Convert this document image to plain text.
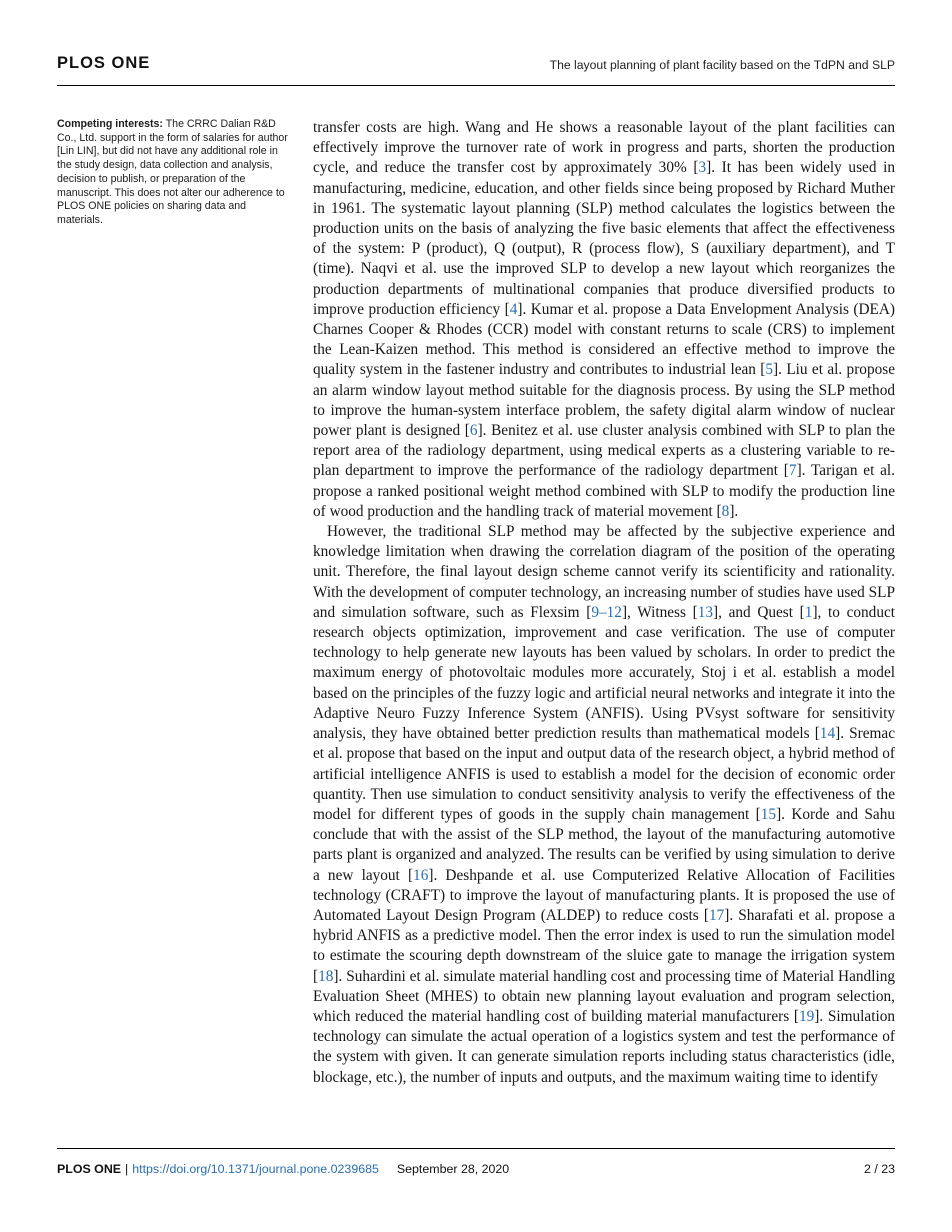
PLOS ONE	The layout planning of plant facility based on the TdPN and SLP

Competing interests: The CRRC Dalian R&D Co., Ltd. support in the form of salaries for author [Lin LIN], but did not have any additional role in the study design, data collection and analysis, decision to publish, or preparation of the manuscript. This does not alter our adherence to PLOS ONE policies on sharing data and materials.

transfer costs are high. Wang and He shows a reasonable layout of the plant facilities can effectively improve the turnover rate of work in progress and parts, shorten the production cycle, and reduce the transfer cost by approximately 30% [3]. It has been widely used in manufacturing, medicine, education, and other fields since being proposed by Richard Muther in 1961. The systematic layout planning (SLP) method calculates the logistics between the production units on the basis of analyzing the five basic elements that affect the effectiveness of the system: P (product), Q (output), R (process flow), S (auxiliary department), and T (time). Naqvi et al. use the improved SLP to develop a new layout which reorganizes the production departments of multinational companies that produce diversified products to improve production efficiency [4]. Kumar et al. propose a Data Envelopment Analysis (DEA) Charnes Cooper & Rhodes (CCR) model with constant returns to scale (CRS) to implement the Lean-Kaizen method. This method is considered an effective method to improve the quality system in the fastener industry and contributes to industrial lean [5]. Liu et al. propose an alarm window layout method suitable for the diagnosis process. By using the SLP method to improve the human-system interface problem, the safety digital alarm window of nuclear power plant is designed [6]. Benitez et al. use cluster analysis combined with SLP to plan the report area of the radiology department, using medical experts as a clustering variable to re-plan department to improve the performance of the radiology department [7]. Tarigan et al. propose a ranked positional weight method combined with SLP to modify the production line of wood production and the handling track of material movement [8].

However, the traditional SLP method may be affected by the subjective experience and knowledge limitation when drawing the correlation diagram of the position of the operating unit. Therefore, the final layout design scheme cannot verify its scientificity and rationality. With the development of computer technology, an increasing number of studies have used SLP and simulation software, such as Flexsim [9–12], Witness [13], and Quest [1], to conduct research objects optimization, improvement and case verification. The use of computer technology to help generate new layouts has been valued by scholars. In order to predict the maximum energy of photovoltaic modules more accurately, Stoj i et al. establish a model based on the principles of the fuzzy logic and artificial neural networks and integrate it into the Adaptive Neuro Fuzzy Inference System (ANFIS). Using PVsyst software for sensitivity analysis, they have obtained better prediction results than mathematical models [14]. Sremac et al. propose that based on the input and output data of the research object, a hybrid method of artificial intelligence ANFIS is used to establish a model for the decision of economic order quantity. Then use simulation to conduct sensitivity analysis to verify the effectiveness of the model for different types of goods in the supply chain management [15]. Korde and Sahu conclude that with the assist of the SLP method, the layout of the manufacturing automotive parts plant is organized and analyzed. The results can be verified by using simulation to derive a new layout [16]. Deshpande et al. use Computerized Relative Allocation of Facilities technology (CRAFT) to improve the layout of manufacturing plants. It is proposed the use of Automated Layout Design Program (ALDEP) to reduce costs [17]. Sharafati et al. propose a hybrid ANFIS as a predictive model. Then the error index is used to run the simulation model to estimate the scouring depth downstream of the sluice gate to manage the irrigation system [18]. Suhardini et al. simulate material handling cost and processing time of Material Handling Evaluation Sheet (MHES) to obtain new planning layout evaluation and program selection, which reduced the material handling cost of building material manufacturers [19]. Simulation technology can simulate the actual operation of a logistics system and test the performance of the system with given. It can generate simulation reports including status characteristics (idle, blockage, etc.), the number of inputs and outputs, and the maximum waiting time to identify

PLOS ONE | https://doi.org/10.1371/journal.pone.0239685 September 28, 2020	2 / 23
